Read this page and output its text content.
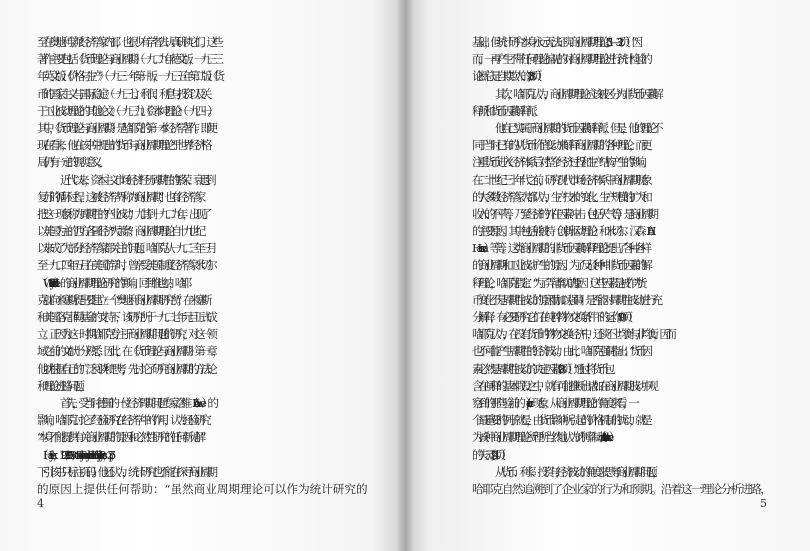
至在奥地利学派经济学家内部，也很少有学者去认真研读它们。这些
著作主要包括《货币理论与商业周期》（一九二九年德文版，一九三三
年英文版）、《价格与生产》（一九三一年第一版，一九三五年第二版）、《货
币的国家主义与国际稳定》（一九三七）、《利润、利息与投资以及关
于工业波动理论的其他论文》（一九三九）、《资本纯理论》（一九四一）。
其中，《货币理论与商业周期》是哈耶克的第一本经济学著作。即便
现在看来，他在该书中提出的“货币与商业周期理论”于世界经济格
局仍有一定的现实意义。
近代以来，资本主义市场经济经历周期性的繁荣、衰退到
复苏的循环过程，这被经济学界称为“商业周期”，也有经济学家
把这一现象称为周期性的“产业波动”。尤其到一九二九年，出现了
以美国为主的西方各国经济“大萧条”。商业周期理论自十九世纪
以来成了大部分经济学家都关注的问题。哈耶克从一九二三年三月
至一九二四年五月在美国游学时，曾亲受美国制度经济学家米切尔
（Wesley C. Mitchel）的商业周期理论研究的影响。回到维也纳，哈耶
克就向米塞斯提出要建立一个“奥地利商业周期研究所”。在米塞斯
和美国洛克菲勒基金的支持下，该研究所于一九二七年元旦正式成
立。正因为这一时期哈耶克专注于商业周期问题的研究，对这一领
域之前的文献十分熟悉，因此，在《货币理论与商业周期》第一章，
他就根据自己的广泛阅读和思考，先讨论了研究商业周期的方法论
和理论进路问题。
首先，受当时德国的一位经济周期问题专家洛维（A. Löwe）的
影响，哈耶克讨论了经验研究在经济学中的作用，认为经验研究
“本身不能提供有关商业周期的原因和必然性研究的任何新见解”
（Hayek，1929/1933, Monetary Theory and the Trade Cycle, Sentry Press，p. 27，
下引该书只标注页码）。他还认为，统计研究也不能在探寻商业周期
的原因上提供任何帮助：“虽然商业周期理论可以作为统计研究的
基础，但统计研究本身永远无法证实商业周期理论。”（31—32页）“因
而，一再产生不带任何理论偏见的对商业周期理论进行统计检验的
论断总是自欺欺人的。”（38页）
其次，哈耶克认为，商业周期理论应该被区分为非货币因素解
释派和货币因素解释派。
他自己实属于商业周期的货币因素解释派，但是，他的理论不
同于当时已有的从货币价值变动来解释商业周期的各种理论，而更
注重货币进入经济体系后对整个经济过程和生产结构产生的影响。
在二十世纪三十年代之前，研究现代市场经济体系中商业周期现象
的大多数经济学家大都认为，生产技术的变化、生产规模的扩大和
收入的不平等，乃至经济的外在因素冲击（包括天气等），是商业周期
的主要原因。其中包括熊彼特（创新驱动理论）和米切尔、汉森（A. H.
Hansen）等等。这类商业周期的非货币因素解释理论提出了各种各样
的商业周期和工业波动产生的原因。为了反驳种种非货币因素的解
释理论，哈耶克假定：“为了弄清‘真实的’原因（这些因素是被作为‘货
币变化不是周期性波动的原因’而加以强调）是否能对周期性波动进行充
分解释，有必要研究它们在纯粹物物交换条件下的运作。”（90页）
哈耶克认为，在没有货币的物物交换经济中，还谈不上均衡与非均衡，因而
也不可能产生周期性的经济波动。由此，哈耶克强调指出：“货币因
素必然是周期性波动的决定因素。”（98页）“通过将货币包
含在闸释的基本假设之中，就有可能推断出诸如在商业周期波动中观
察到的那些验前的（a priori）现象。从商业周期理论的角度来看，一
个最重要的例子就是，由货币影响所引起的价格机制的扰动，就是
为该种商业周期理论所理所当然地认为的‘利率制动’（interestbrake）
的失灵。”（94页）
从货币、利率、投资与经济波动的角度来思考商业周期问题，
哈耶克自然追溯到了企业家的行为和预期。沿着这一理论分析进路，
4	5
